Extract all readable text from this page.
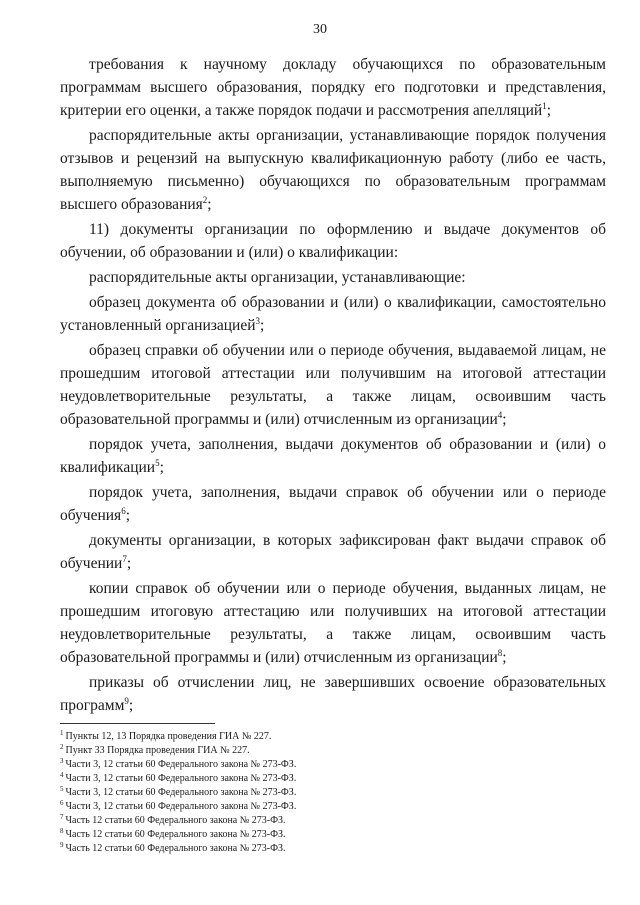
30

требования к научному докладу обучающихся по образовательным программам высшего образования, порядку его подготовки и представления, критерии его оценки, а также порядок подачи и рассмотрения апелляций$^1$;

распорядительные акты организации, устанавливающие порядок получения отзывов и рецензий на выпускную квалификационную работу (либо ее часть, выполняемую письменно) обучающихся по образовательным программам высшего образования$^2$;

11) документы организации по оформлению и выдаче документов об обучении, об образовании и (или) о квалификации:

распорядительные акты организации, устанавливающие:

образец документа об образовании и (или) о квалификации, самостоятельно установленный организацией$^3$;

образец справки об обучении или о периоде обучения, выдаваемой лицам, не прошедшим итоговой аттестации или получившим на итоговой аттестации неудовлетворительные результаты, а также лицам, освоившим часть образовательной программы и (или) отчисленным из организации$^4$;

порядок учета, заполнения, выдачи документов об образовании и (или) о квалификации$^5$;

порядок учета, заполнения, выдачи справок об обучении или о периоде обучения$^6$;

документы организации, в которых зафиксирован факт выдачи справок об обучении$^7$;

копии справок об обучении или о периоде обучения, выданных лицам, не прошедшим итоговую аттестацию или получивших на итоговой аттестации неудовлетворительные результаты, а также лицам, освоившим часть образовательной программы и (или) отчисленным из организации$^8$;

приказы об отчислении лиц, не завершивших освоение образовательных программ$^9$;

$^1$ Пункты 12, 13 Порядка проведения ГИА № 227.
$^2$ Пункт 33 Порядка проведения ГИА № 227.
$^3$ Части 3, 12 статьи 60 Федерального закона № 273-ФЗ.
$^4$ Части 3, 12 статьи 60 Федерального закона № 273-ФЗ.
$^5$ Части 3, 12 статьи 60 Федерального закона № 273-ФЗ.
$^6$ Части 3, 12 статьи 60 Федерального закона № 273-ФЗ.
$^7$ Часть 12 статьи 60 Федерального закона № 273-ФЗ.
$^8$ Часть 12 статьи 60 Федерального закона № 273-ФЗ.
$^9$ Часть 12 статьи 60 Федерального закона № 273-ФЗ.
